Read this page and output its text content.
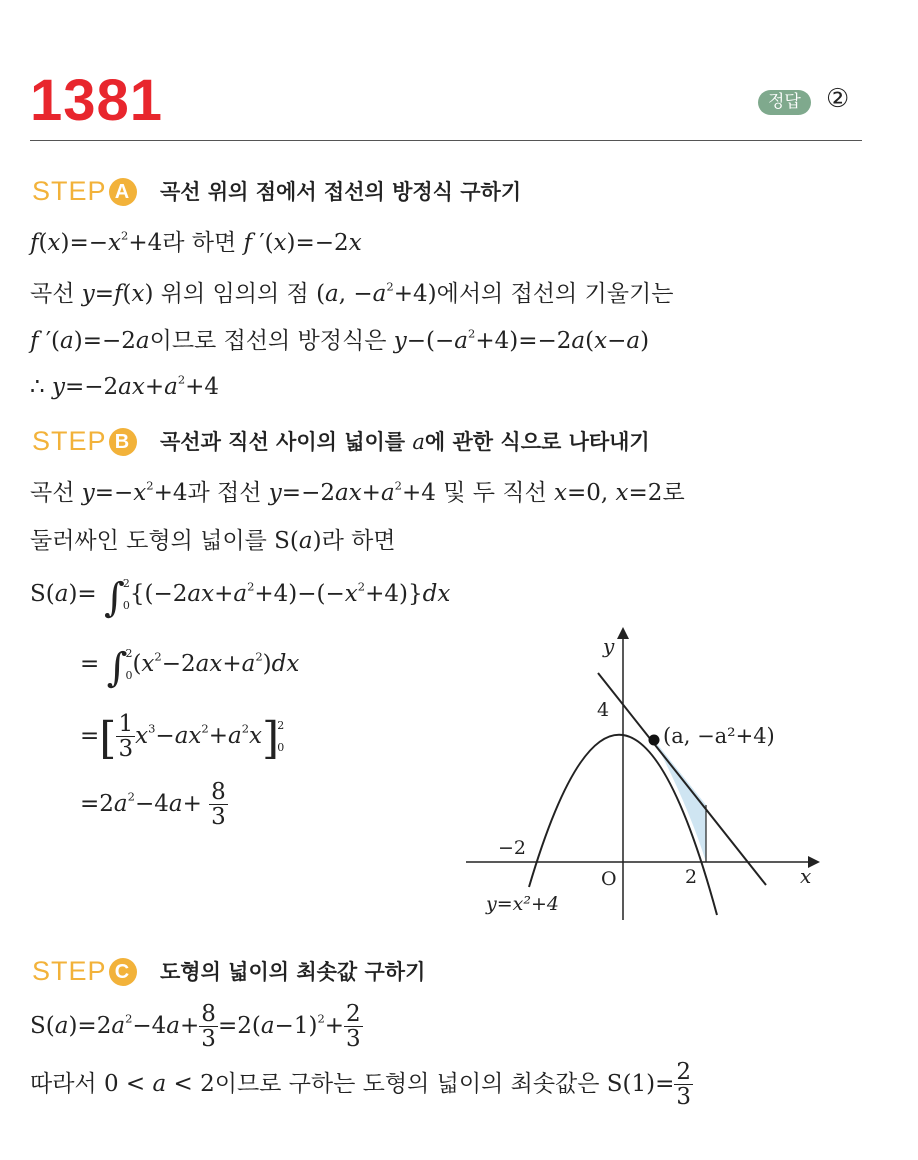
1381	정답 ②
STEP A 곡선 위의 점에서 접선의 방정식 구하기
$f(x)=-x^2+4$라 하면 f ′(x)=−2x
곡선 y=f(x) 위의 임의의 점 (a, $-a^2+4$)에서의 접선의 기울기는
f ′(a)=−2a이므로 접선의 방정식은 $y-(-a^2+4)=-2a(x-a)$
∴ $y=-2ax+a^2+4$
STEP B 곡선과 직선 사이의 넓이를 a에 관한 식으로 나타내기
곡선 $y=-x^2+4$과 접선 $y=-2ax+a^2+4$ 및 두 직선 x=0, x=2로
둘러싸인 도형의 넓이를 S(a)라 하면
S(a)= ∫
2

0 $\{(-2ax+a^2+4)-(-x^2+4)\}dx$
= ∫
2

0 $(x^2-2ax+a^2)dx$
=[ $\frac{1}{3} x^3-ax^2+a^2x$]
2

0
$=2a^2-4a+ \frac{8}{3}$
y
x
O
4
−2
2
(a, −a²+4)
y=x²+4
STEP C 도형의 넓이의 최솟값 구하기
$S(a)=2a^2-4a+ \frac{8}{3} =2(a-1)^2+ \frac{2}{3}$
따라서 0 < a < 2이므로 구하는 도형의 넓이의 최솟값은 $S(1)= \frac{2}{3}$
